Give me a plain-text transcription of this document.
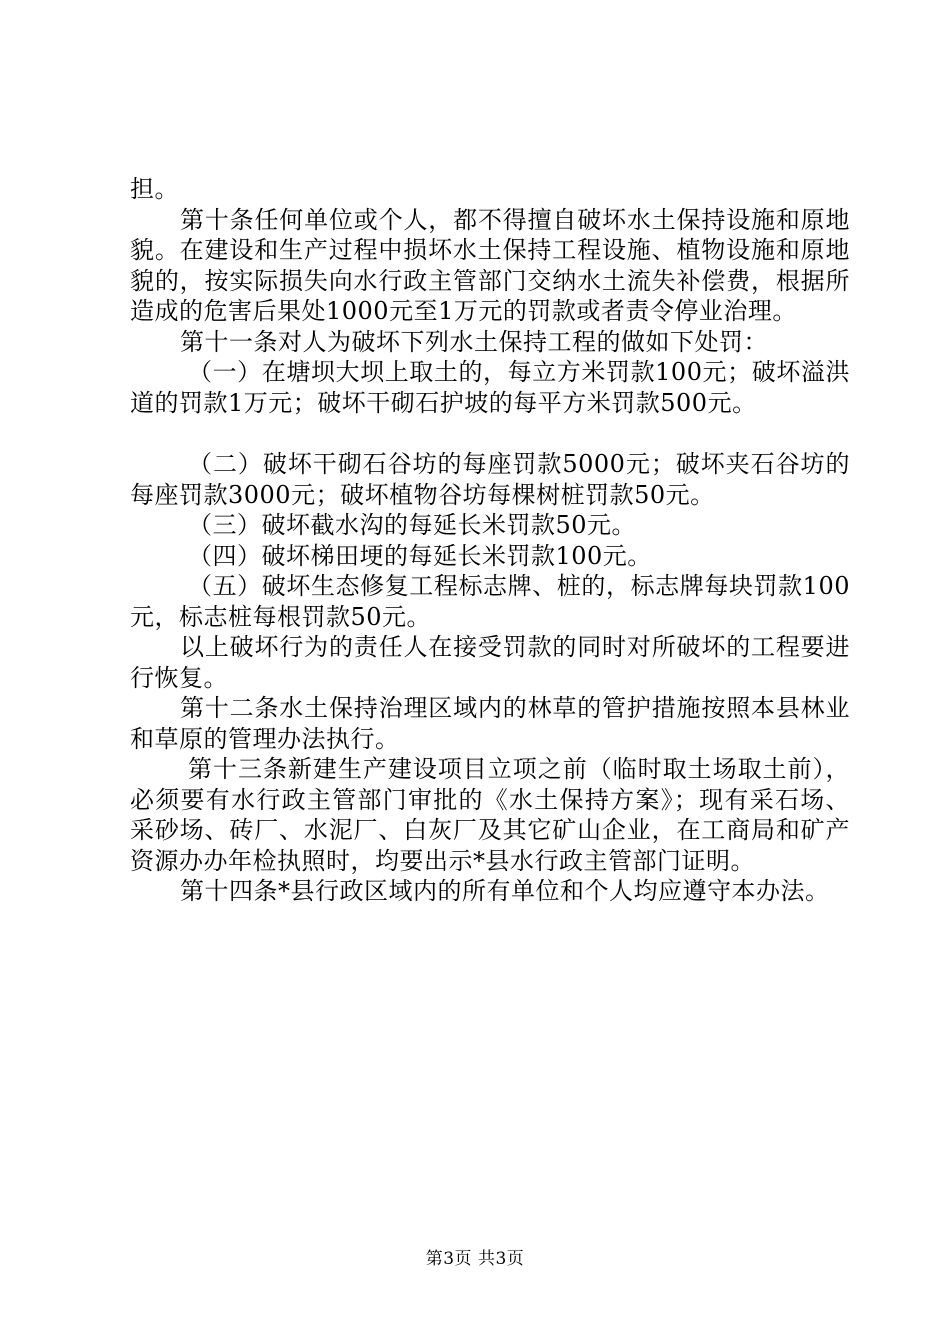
担。

第十条任何单位或个人，都不得擅自破坏水土保持设施和原地貌。在建设和生产过程中损坏水土保持工程设施、植物设施和原地貌的，按实际损失向水行政主管部门交纳水土流失补偿费，根据所造成的危害后果处1000元至1万元的罚款或者责令停业治理。

第十一条对人为破坏下列水土保持工程的做如下处罚：

（一）在塘坝大坝上取土的，每立方米罚款100元；破坏溢洪道的罚款1万元；破坏干砌石护坡的每平方米罚款500元。

（二）破坏干砌石谷坊的每座罚款5000元；破坏夹石谷坊的每座罚款3000元；破坏植物谷坊每棵树桩罚款50元。

（三）破坏截水沟的每延长米罚款50元。

（四）破坏梯田埂的每延长米罚款100元。

（五）破坏生态修复工程标志牌、桩的，标志牌每块罚款100元，标志桩每根罚款50元。

以上破坏行为的责任人在接受罚款的同时对所破坏的工程要进行恢复。

第十二条水土保持治理区域内的林草的管护措施按照本县林业和草原的管理办法执行。

第十三条新建生产建设项目立项之前（临时取土场取土前），必须要有水行政主管部门审批的《水土保持方案》；现有采石场、采砂场、砖厂、水泥厂、白灰厂及其它矿山企业，在工商局和矿产资源办办年检执照时，均要出示*县水行政主管部门证明。

第十四条*县行政区域内的所有单位和个人均应遵守本办法。

第3页 共3页
